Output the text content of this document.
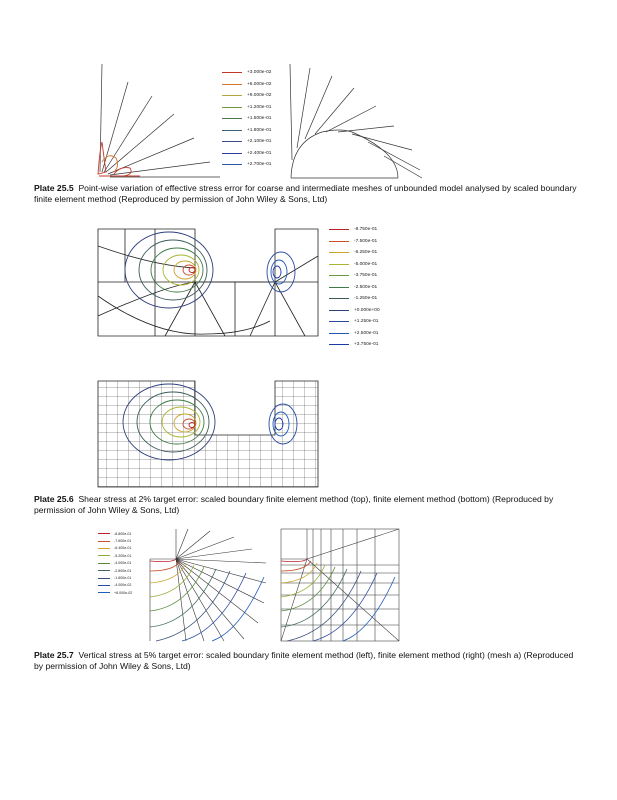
+3.000e-02
+6.000e-02
+9.000e-02
+1.200e-01
+1.500e-01
+1.800e-01
+2.100e-01
+2.400e-01
+2.700e-01
Plate 25.5 Point-wise variation of effective stress error for coarse and intermediate meshes of unbounded model analysed by scaled boundary finite element method (Reproduced by permission of John Wiley & Sons, Ltd)
-8.750e-01
-7.500e-01
-6.250e-01
-5.000e-01
-3.750e-01
-2.500e-01
-1.250e-01
+0.000e+00
+1.250e-01
+2.500e-01
+3.750e-01
Plate 25.6 Shear stress at 2% target error: scaled boundary finite element method (top), finite element method (bottom) (Reproduced by permission of John Wiley & Sons, Ltd)
-8.800e-01
-7.600e-01
-6.400e-01
-5.200e-01
-4.000e-01
-2.800e-01
-1.600e-01
-4.000e-02
+8.000e-02
Plate 25.7 Vertical stress at 5% target error: scaled boundary finite element method (left), finite element method (right) (mesh a) (Reproduced by permission of John Wiley & Sons, Ltd)
